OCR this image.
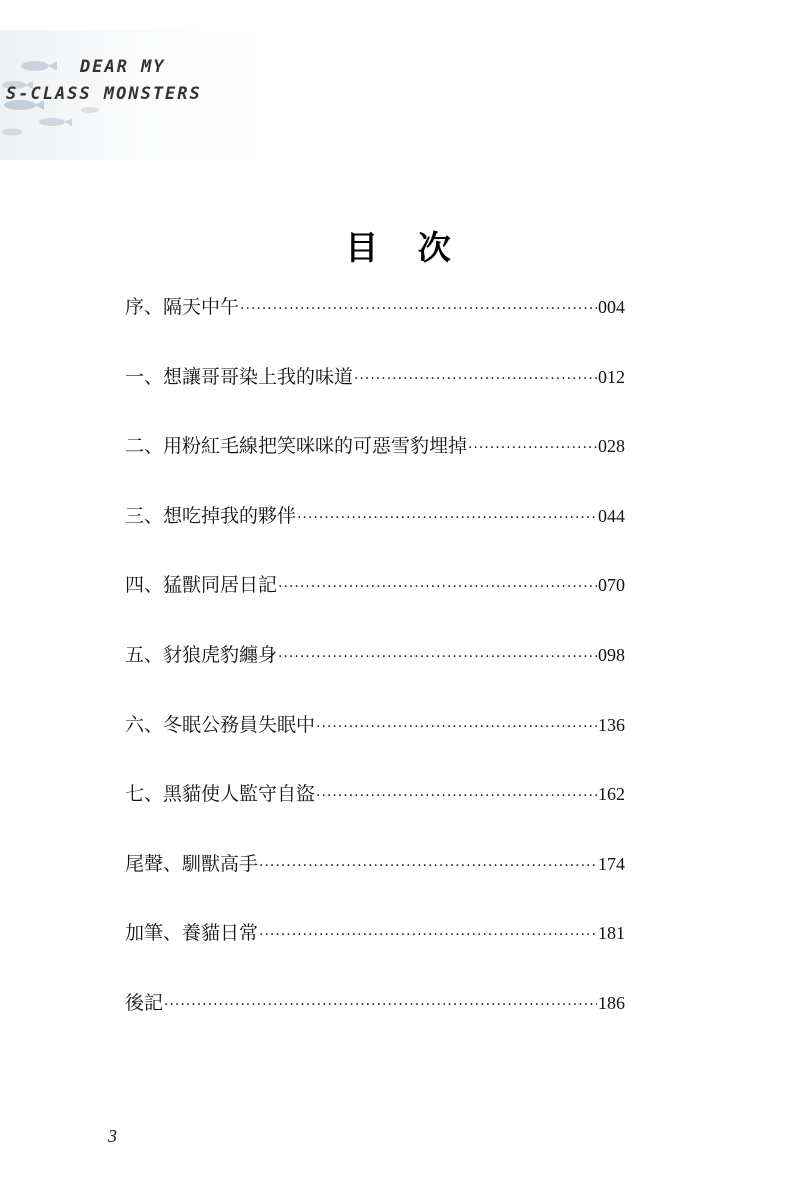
DEAR MY
S-CLASS MONSTERS
目 次
序、隔天中午 ·····	004
一、想讓哥哥染上我的味道 ·····	012
二、用粉紅毛線把笑咪咪的可惡雪豹埋掉 ·····	028
三、想吃掉我的夥伴 ·····	044
四、猛獸同居日記 ·····	070
五、豺狼虎豹纏身 ·····	098
六、冬眠公務員失眠中 ·····	136
七、黑貓使人監守自盜 ·····	162
尾聲、馴獸高手 ·····	174
加筆、養貓日常 ·····	181
後記 ·····	186
3
